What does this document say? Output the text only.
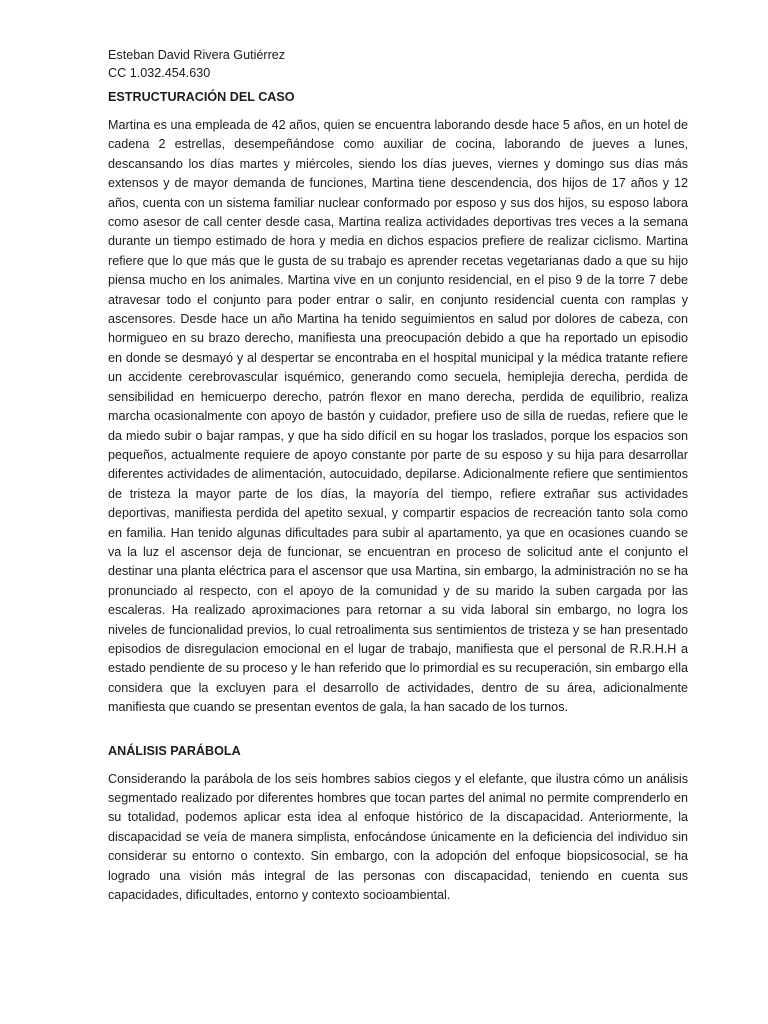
Esteban David Rivera Gutiérrez

CC 1.032.454.630

ESTRUCTURACIÓN DEL CASO

Martina es una empleada de 42 años, quien se encuentra laborando desde hace 5 años, en un hotel de cadena 2 estrellas, desempeñándose como auxiliar de cocina, laborando de jueves a lunes, descansando los días martes y miércoles, siendo los días jueves, viernes y domingo sus días más extensos y de mayor demanda de funciones, Martina tiene descendencia, dos hijos de 17 años y 12 años, cuenta con un sistema familiar nuclear conformado por esposo y sus dos hijos, su esposo labora como asesor de call center desde casa, Martina realiza actividades deportivas tres veces a la semana durante un tiempo estimado de hora y media en dichos espacios prefiere de realizar ciclismo. Martina refiere que lo que más que le gusta de su trabajo es aprender recetas vegetarianas dado a que su hijo piensa mucho en los animales. Martina vive en un conjunto residencial, en el piso 9 de la torre 7 debe atravesar todo el conjunto para poder entrar o salir, en conjunto residencial cuenta con ramplas y ascensores. Desde hace un año Martina ha tenido seguimientos en salud por dolores de cabeza, con hormigueo en su brazo derecho, manifiesta una preocupación debido a que ha reportado un episodio en donde se desmayó y al despertar se encontraba en el hospital municipal y la médica tratante refiere un accidente cerebrovascular isquémico, generando como secuela, hemiplejia derecha, perdida de sensibilidad en hemicuerpo derecho, patrón flexor en mano derecha, perdida de equilibrio, realiza marcha ocasionalmente con apoyo de bastón y cuidador, prefiere uso de silla de ruedas, refiere que le da miedo subir o bajar rampas, y que ha sido difícil en su hogar los traslados, porque los espacios son pequeños, actualmente requiere de apoyo constante por parte de su esposo y su hija para desarrollar diferentes actividades de alimentación, autocuidado, depilarse. Adicionalmente refiere que sentimientos de tristeza la mayor parte de los días, la mayoría del tiempo, refiere extrañar sus actividades deportivas, manifiesta perdida del apetito sexual, y compartir espacios de recreación tanto sola como en familia. Han tenido algunas dificultades para subir al apartamento, ya que en ocasiones cuando se va la luz el ascensor deja de funcionar, se encuentran en proceso de solicitud ante el conjunto el destinar una planta eléctrica para el ascensor que usa Martina, sin embargo, la administración no se ha pronunciado al respecto, con el apoyo de la comunidad y de su marido la suben cargada por las escaleras. Ha realizado aproximaciones para retornar a su vida laboral sin embargo, no logra los niveles de funcionalidad previos, lo cual retroalimenta sus sentimientos de tristeza y se han presentado episodios de disregulacion emocional en el lugar de trabajo, manifiesta que el personal de R.R.H.H a estado pendiente de su proceso y le han referido que lo primordial es su recuperación, sin embargo ella considera que la excluyen para el desarrollo de actividades, dentro de su área, adicionalmente manifiesta que cuando se presentan eventos de gala, la han sacado de los turnos.

ANÁLISIS PARÁBOLA

Considerando la parábola de los seis hombres sabios ciegos y el elefante, que ilustra cómo un análisis segmentado realizado por diferentes hombres que tocan partes del animal no permite comprenderlo en su totalidad, podemos aplicar esta idea al enfoque histórico de la discapacidad. Anteriormente, la discapacidad se veía de manera simplista, enfocándose únicamente en la deficiencia del individuo sin considerar su entorno o contexto. Sin embargo, con la adopción del enfoque biopsicosocial, se ha logrado una visión más integral de las personas con discapacidad, teniendo en cuenta sus capacidades, dificultades, entorno y contexto socioambiental.
